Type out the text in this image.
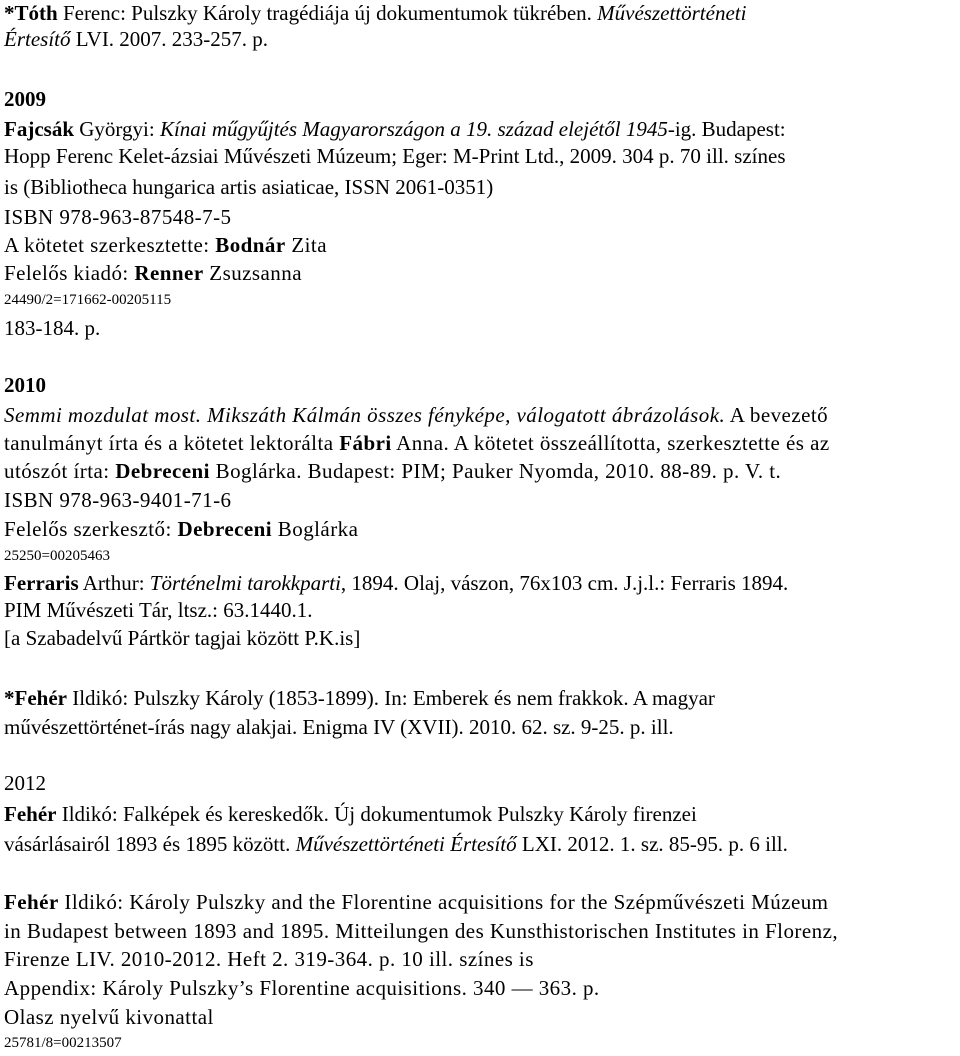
*Tóth Ferenc: Pulszky Károly tragédiája új dokumentumok tükrében. Művészettörténeti
Értesítő LVI. 2007. 233-257. p.
2009
Fajcsák Györgyi: Kínai műgyűjtés Magyarországon a 19. század elejétől 1945-ig. Budapest:
Hopp Ferenc Kelet-ázsiai Művészeti Múzeum; Eger: M-Print Ltd., 2009. 304 p. 70 ill. színes
is (Bibliotheca hungarica artis asiaticae, ISSN 2061-0351)
ISBN 978-963-87548-7-5
A kötetet szerkesztette: Bodnár Zita
Felelős kiadó: Renner Zsuzsanna
24490/2=171662-00205115
183-184. p.
2010
Semmi mozdulat most. Mikszáth Kálmán összes fényképe, válogatott ábrázolások. A bevezető
tanulmányt írta és a kötetet lektorálta Fábri Anna. A kötetet összeállította, szerkesztette és az
utószót írta: Debreceni Boglárka. Budapest: PIM; Pauker Nyomda, 2010. 88-89. p. V. t.
ISBN 978-963-9401-71-6
Felelős szerkesztő: Debreceni Boglárka
25250=00205463
Ferraris Arthur: Történelmi tarokkparti, 1894. Olaj, vászon, 76x103 cm. J.j.l.: Ferraris 1894.
PIM Művészeti Tár, ltsz.: 63.1440.1.
[a Szabadelvű Pártkör tagjai között P.K.is]
*Fehér Ildikó: Pulszky Károly (1853-1899). In: Emberek és nem frakkok. A magyar
művészettörténet-írás nagy alakjai. Enigma IV (XVII). 2010. 62. sz. 9-25. p. ill.
2012
Fehér Ildikó: Falképek és kereskedők. Új dokumentumok Pulszky Károly firenzei
vásárlásairól 1893 és 1895 között. Művészettörténeti Értesítő LXI. 2012. 1. sz. 85-95. p. 6 ill.
Fehér Ildikó: Károly Pulszky and the Florentine acquisitions for the Szépművészeti Múzeum
in Budapest between 1893 and 1895. Mitteilungen des Kunsthistorischen Institutes in Florenz,
Firenze LIV. 2010-2012. Heft 2. 319-364. p. 10 ill. színes is
Appendix: Károly Pulszky’s Florentine acquisitions. 340 — 363. p.
Olasz nyelvű kivonattal
25781/8=00213507
